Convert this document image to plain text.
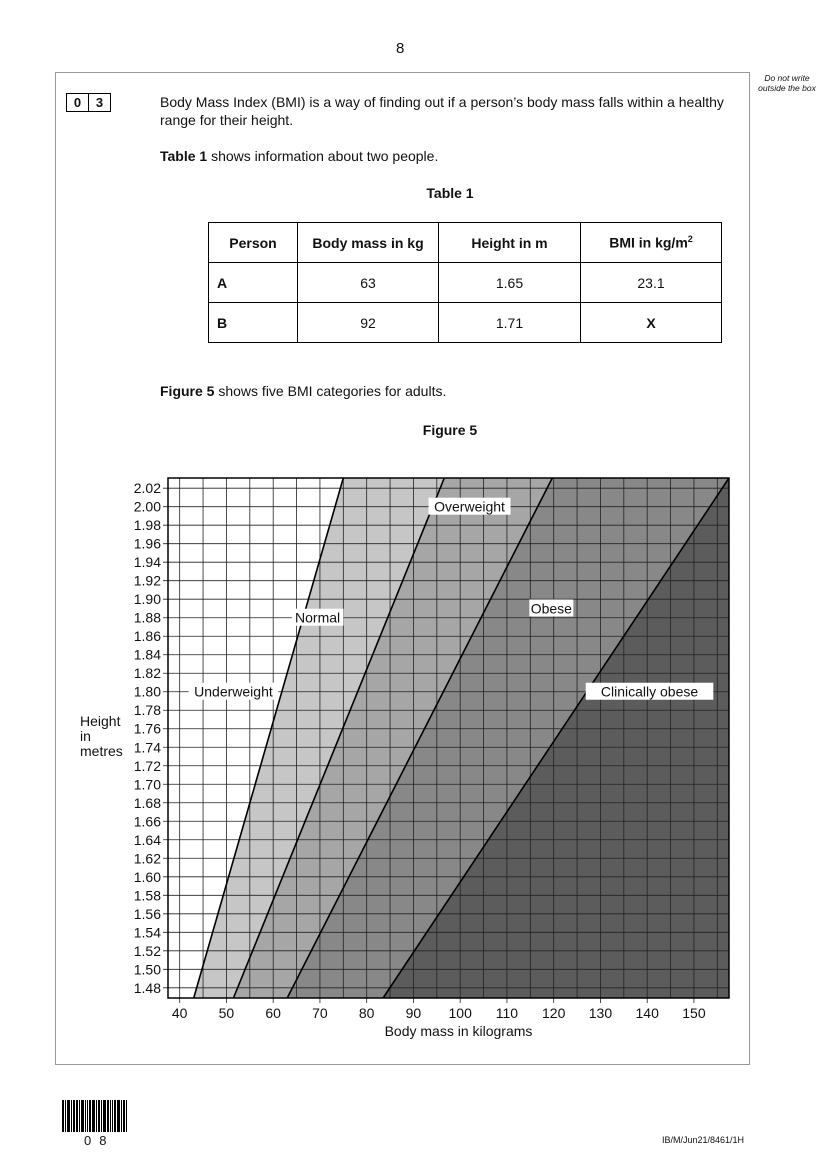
8
Do not write outside the box
0	3	Body Mass Index (BMI) is a way of finding out if a person’s body mass falls within a healthy range for their height.
Table 1 shows information about two people.
Table 1
Person	Body mass in kg	Height in m	BMI in $kg/m^2$
A	63	1.65	23.1
B	92	1.71	X
Figure 5 shows five BMI categories for adults.
Figure 5
1.48
1.50
1.52
1.54
1.56
1.58
1.60
1.62
1.64
1.66
1.68
1.70
1.72
1.74
1.76
1.78
1.80
1.82
1.84
1.86
1.88
1.90
1.92
1.94
1.96
1.98
2.00
2.02
40 50 60 70 80 90 100 110 120 130 140 150
Underweight
Normal
Overweight
Obese
Clinically obese
Body mass in kilograms
Height
in
metres
08	IB/M/Jun21/8461/1H
